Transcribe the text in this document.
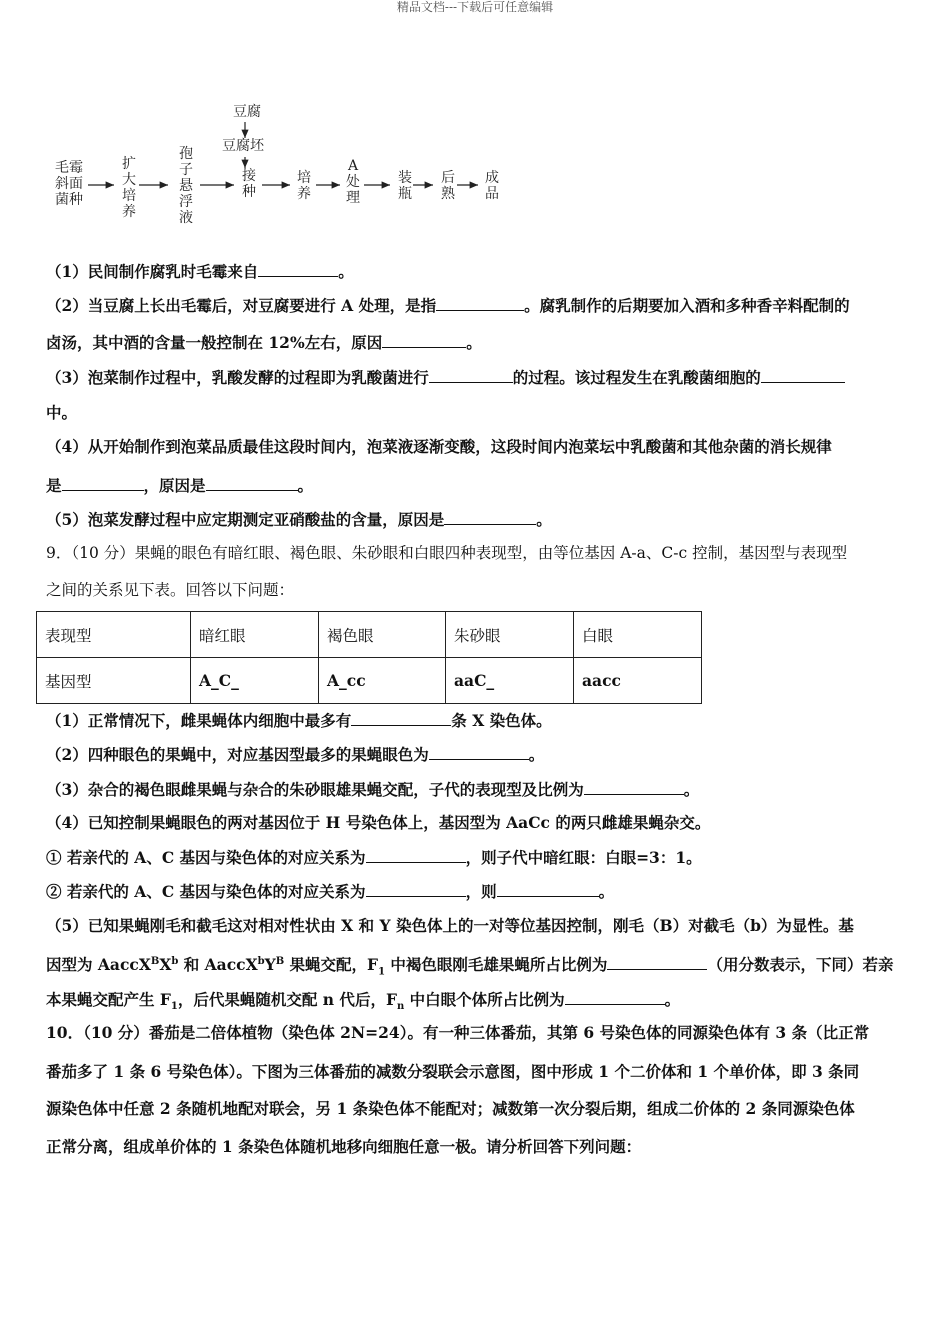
精品文档---下载后可任意编辑
豆腐
豆腐坯
毛霉斜面菌种
扩大培养
孢子悬浮液
接种
培养
A处理
装瓶
后熟
成品
（1）民间制作腐乳时毛霉来自	。
（2）当豆腐上长出毛霉后，对豆腐要进行 A 处理，是指	。腐乳制作的后期要加入酒和多种香辛料配制的
卤汤，其中酒的含量一般控制在 12%左右，原因	。
（3）泡菜制作过程中，乳酸发酵的过程即为乳酸菌进行	的过程。该过程发生在乳酸菌细胞的
中。
（4）从开始制作到泡菜品质最佳这段时间内，泡菜液逐渐变酸，这段时间内泡菜坛中乳酸菌和其他杂菌的消长规律
是	，原因是	。
（5）泡菜发酵过程中应定期测定亚硝酸盐的含量，原因是	。
9．（10 分）果蝇的眼色有暗红眼、褐色眼、朱砂眼和白眼四种表现型，由等位基因 A-a、C-c 控制，基因型与表现型
之间的关系见下表。回答以下问题：
表现型	暗红眼	褐色眼	朱砂眼	白眼
基因型	A_C_	A_cc	aaC_	aacc
（1）正常情况下，雌果蝇体内细胞中最多有	条 X 染色体。
（2）四种眼色的果蝇中，对应基因型最多的果蝇眼色为	。
（3）杂合的褐色眼雌果蝇与杂合的朱砂眼雄果蝇交配，子代的表现型及比例为	。
（4）已知控制果蝇眼色的两对基因位于 H 号染色体上，基因型为 AaCc 的两只雌雄果蝇杂交。
① 若亲代的 A、C 基因与染色体的对应关系为	，则子代中暗红眼：白眼=3：1。
② 若亲代的 A、C 基因与染色体的对应关系为	，则	。
（5）已知果蝇刚毛和截毛这对相对性状由 X 和 Y 染色体上的一对等位基因控制，刚毛（B）对截毛（b）为显性。基
因型为 $AaccX^BX^b$ 和 $AaccX^bY^B$ 果蝇交配，$F_1$ 中褐色眼刚毛雄果蝇所占比例为	（用分数表示，下同）若亲
本果蝇交配产生 $F_1$，后代果蝇随机交配 n 代后，$F_n$ 中白眼个体所占比例为	。
10．（10 分）番茄是二倍体植物（染色体 2N=24）。有一种三体番茄，其第 6 号染色体的同源染色体有 3 条（比正常
番茄多了 1 条 6 号染色体）。下图为三体番茄的减数分裂联会示意图，图中形成 1 个二价体和 1 个单价体，即 3 条同
源染色体中任意 2 条随机地配对联会，另 1 条染色体不能配对；减数第一次分裂后期，组成二价体的 2 条同源染色体
正常分离，组成单价体的 1 条染色体随机地移向细胞任意一极。请分析回答下列问题：
